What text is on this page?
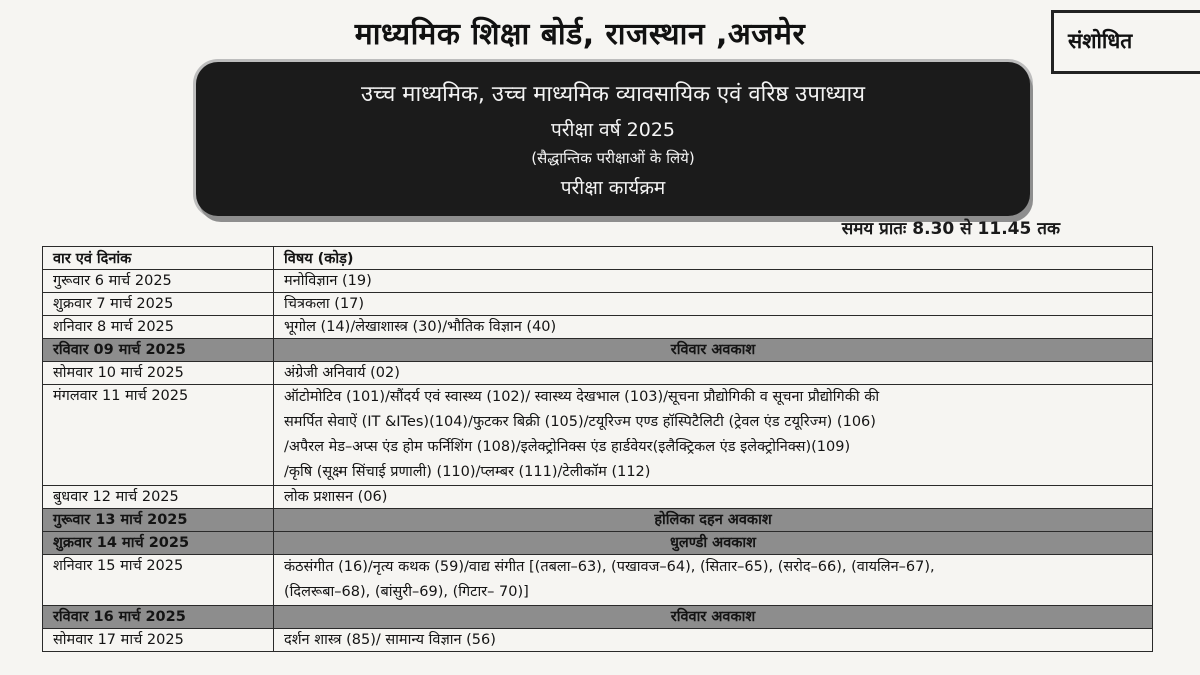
माध्यमिक शिक्षा बोर्ड, राजस्थान ,अजमेर	संशोधित
उच्च माध्यमिक, उच्च माध्यमिक व्यावसायिक एवं वरिष्ठ उपाध्याय
परीक्षा वर्ष 2025
(सैद्धान्तिक परीक्षाओं के लिये)
परीक्षा कार्यक्रम
समय प्रातः 8.30 से 11.45 तक
वार एवं दिनांक	विषय (कोड़)
गुरूवार 6 मार्च 2025	मनोविज्ञान (19)
शुक्रवार 7 मार्च 2025	चित्रकला (17)
शनिवार 8 मार्च 2025	भूगोल (14)/लेखाशास्त्र (30)/भौतिक विज्ञान (40)
रविवार 09 मार्च 2025	रविवार अवकाश
सोमवार 10 मार्च 2025	अंग्रेजी अनिवार्य (02)
मंगलवार 11 मार्च 2025	ऑटोमोटिव (101)/सौंदर्य एवं स्वास्थ्य (102)/ स्वास्थ्य देखभाल (103)/सूचना प्रौद्योगिकी व सूचना प्रौद्योगिकी की
समर्पित सेवाऐं (IT &ITes)(104)/फुटकर बिक्री (105)/टयूरिज्म एण्ड हॉस्पिटैलिटी (ट्रेवल एंड टयूरिज्म) (106)
/अपैरल मेड–अप्स एंड होम फर्निशिंग (108)/इलेक्ट्रोनिक्स एंड हार्डवेयर(इलैक्ट्रिकल एंड इलेक्ट्रोनिक्स)(109)
/कृषि (सूक्ष्म सिंचाई प्रणाली) (110)/प्लम्बर (111)/टेलीकॉम (112)

बुधवार 12 मार्च 2025	लोक प्रशासन (06)
गुरूवार 13 मार्च 2025	होलिका दहन अवकाश
शुक्रवार 14 मार्च 2025	धुलण्डी अवकाश
शनिवार 15 मार्च 2025	कंठसंगीत (16)/नृत्य कथक (59)/वाद्य संगीत [(तबला–63), (पखावज–64), (सितार–65), (सरोद–66), (वायलिन–67),
(दिलरूबा–68), (बांसुरी–69), (गिटार– 70)]

रविवार 16 मार्च 2025	रविवार अवकाश
सोमवार 17 मार्च 2025	दर्शन शास्त्र (85)/ सामान्य विज्ञान (56)
